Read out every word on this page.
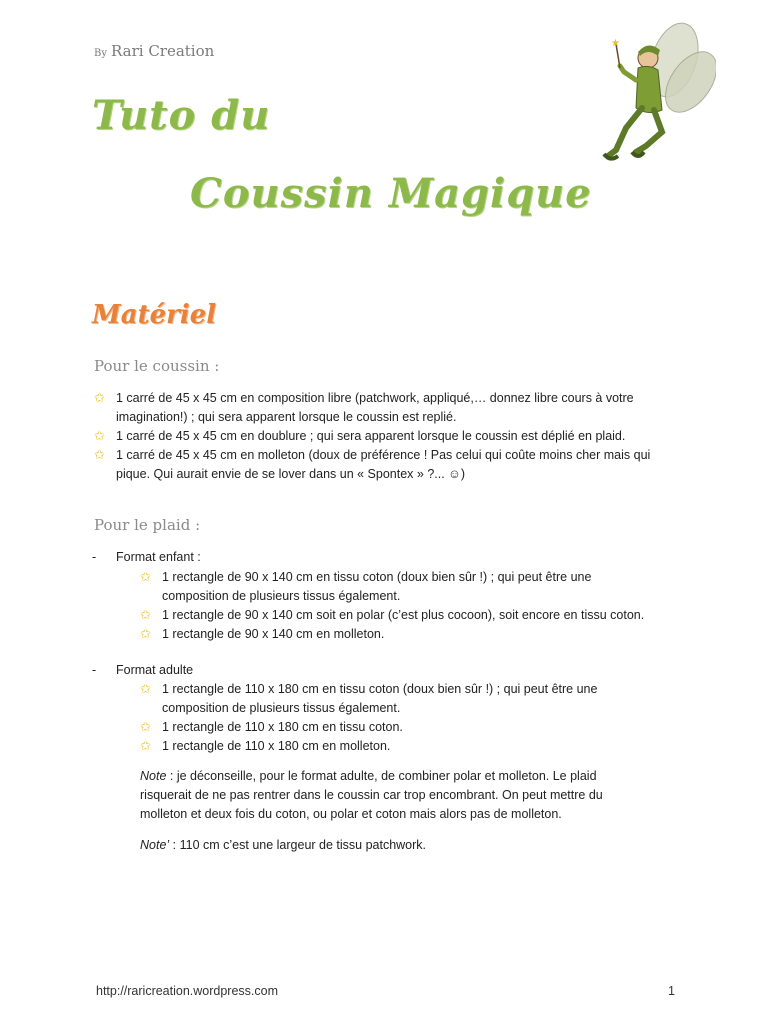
By Rari Creation
Tuto du
Coussin Magique
★
Matériel
Pour le coussin :
✩ 1 carré de 45 x 45 cm en composition libre (patchwork, appliqué,… donnez libre cours à votre
imagination!) ; qui sera apparent lorsque le coussin est replié.
✩ 1 carré de 45 x 45 cm en doublure ; qui sera apparent lorsque le coussin est déplié en plaid.
✩ 1 carré de 45 x 45 cm en molleton (doux de préférence ! Pas celui qui coûte moins cher mais qui
pique. Qui aurait envie de se lover dans un « Spontex » ?... ☺)
Pour le plaid :
- Format enfant :
✩ 1 rectangle de 90 x 140 cm en tissu coton (doux bien sûr !) ; qui peut être une
composition de plusieurs tissus également.
✩ 1 rectangle de 90 x 140 cm soit en polar (c’est plus cocoon), soit encore en tissu coton.
✩ 1 rectangle de 90 x 140 cm en molleton.
- Format adulte
✩ 1 rectangle de 110 x 180 cm en tissu coton (doux bien sûr !) ; qui peut être une
composition de plusieurs tissus également.
✩ 1 rectangle de 110 x 180 cm en tissu coton.
✩ 1 rectangle de 110 x 180 cm en molleton.
Note : je déconseille, pour le format adulte, de combiner polar et molleton. Le plaid
risquerait de ne pas rentrer dans le coussin car trop encombrant. On peut mettre du
molleton et deux fois du coton, ou polar et coton mais alors pas de molleton.
Note’ : 110 cm c’est une largeur de tissu patchwork.
http://raricreation.wordpress.com	1
